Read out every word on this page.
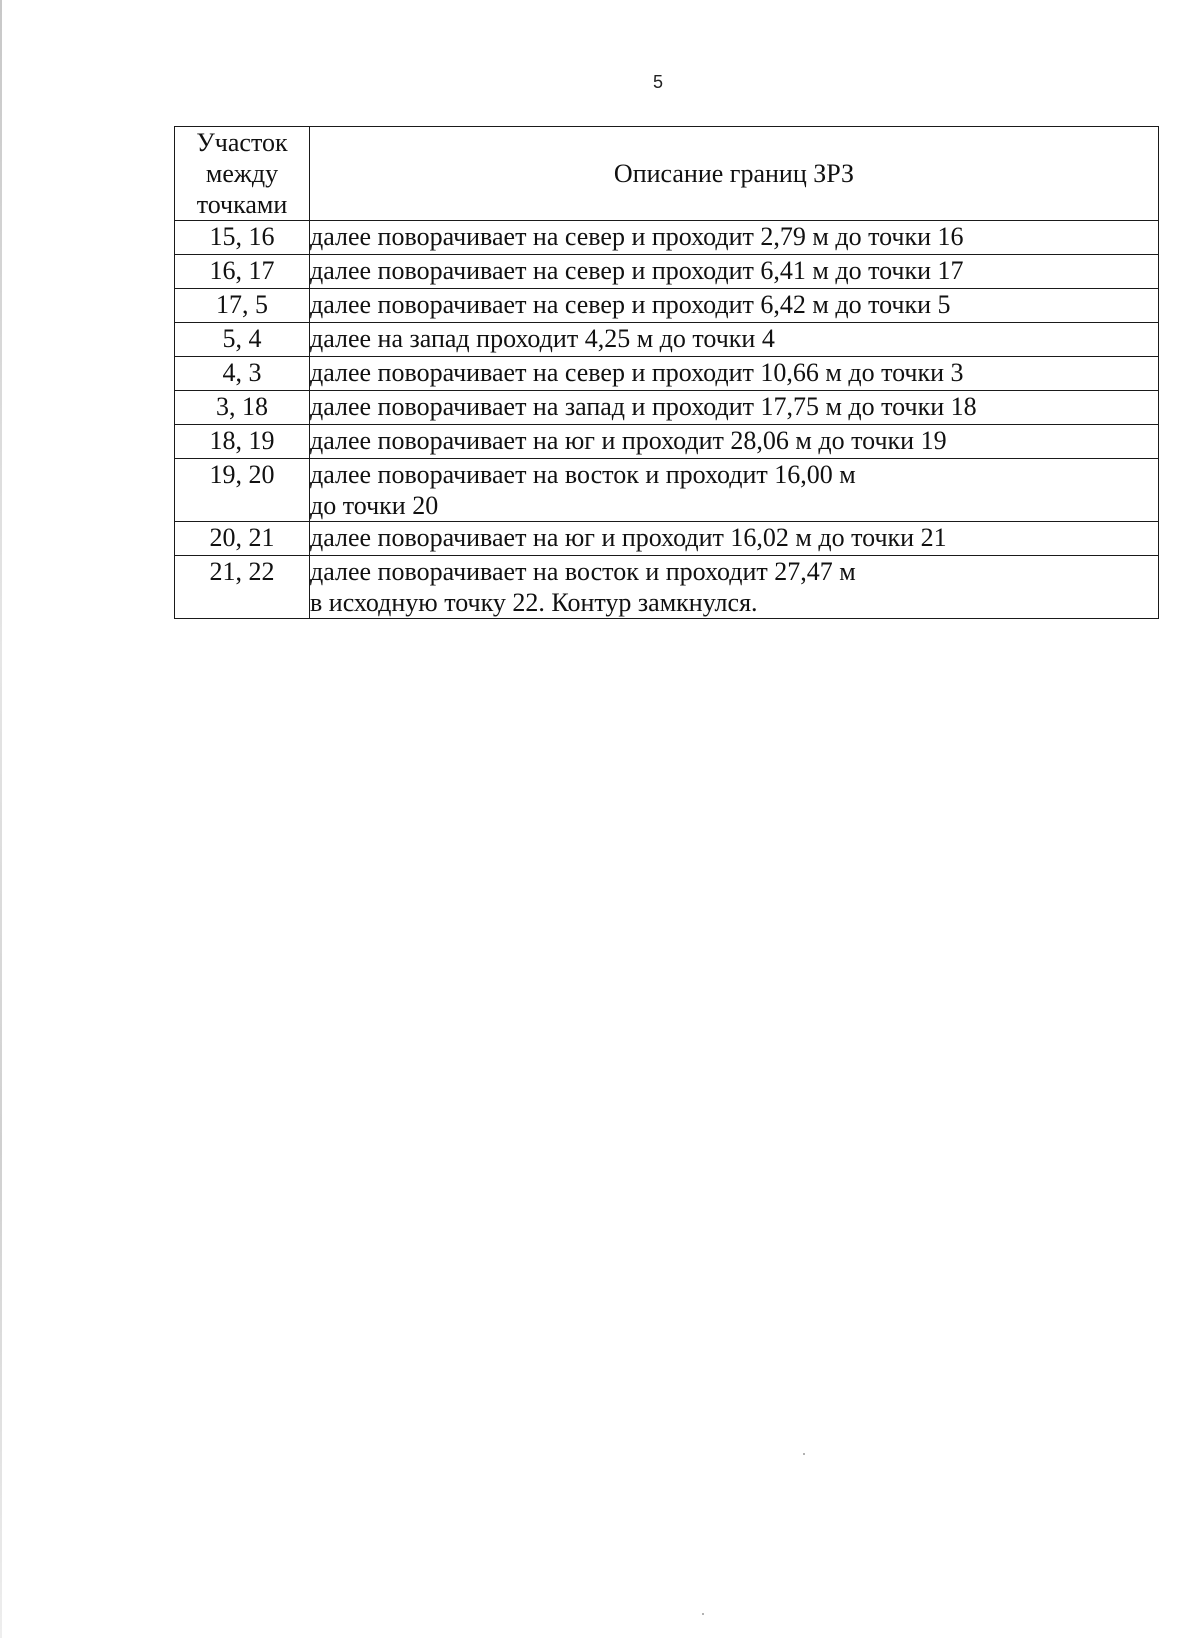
5
Участок
между
точками	Описание границ ЗРЗ
15, 16	далее поворачивает на север и проходит 2,79 м до точки 16

16, 17	далее поворачивает на север и проходит 6,41 м до точки 17

17, 5	далее поворачивает на север и проходит 6,42 м до точки 5

5, 4	далее на запад проходит 4,25 м до точки 4

4, 3	далее поворачивает на север и проходит 10,66 м до точки 3

3, 18	далее поворачивает на запад и проходит 17,75 м до точки 18

18, 19	далее поворачивает на юг и проходит 28,06 м до точки 19

19, 20	далее поворачивает на восток и проходит 16,00 м
до точки 20

20, 21	далее поворачивает на юг и проходит 16,02 м до точки 21

21, 22	далее поворачивает на восток и проходит 27,47 м
в исходную точку 22. Контур замкнулся.
